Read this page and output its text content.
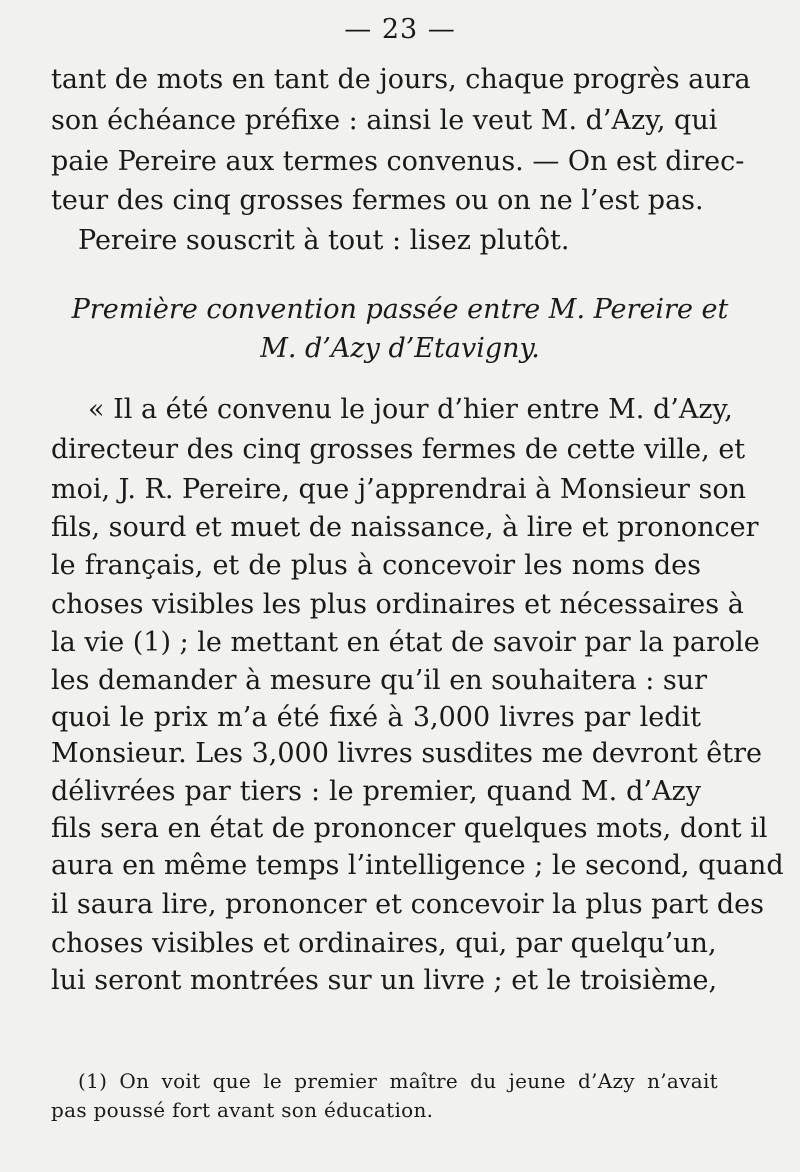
— 23 —
tant de mots en tant de jours, chaque progrès aura
son échéance préfixe : ainsi le veut M. d’Azy, qui
paie Pereire aux termes convenus. — On est direc-
teur des cinq grosses fermes ou on ne l’est pas.
Pereire souscrit à tout : lisez plutôt.
Première convention passée entre M. Pereire et
M. d’Azy d’Etavigny.
« Il a été convenu le jour d’hier entre M. d’Azy,
directeur des cinq grosses fermes de cette ville, et
moi, J. R. Pereire, que j’apprendrai à Monsieur son
fils, sourd et muet de naissance, à lire et prononcer
le français, et de plus à concevoir les noms des
choses visibles les plus ordinaires et nécessaires à
la vie (1) ; le mettant en état de savoir par la parole
les demander à mesure qu’il en souhaitera : sur
quoi le prix m’a été fixé à 3,000 livres par ledit
Monsieur. Les 3,000 livres susdites me devront être
délivrées par tiers : le premier, quand M. d’Azy
fils sera en état de prononcer quelques mots, dont il
aura en même temps l’intelligence ; le second, quand
il saura lire, prononcer et concevoir la plus part des
choses visibles et ordinaires, qui, par quelqu’un,
lui seront montrées sur un livre ; et le troisième,
(1) On voit que le premier maître du jeune d’Azy n’avait
pas poussé fort avant son éducation.
